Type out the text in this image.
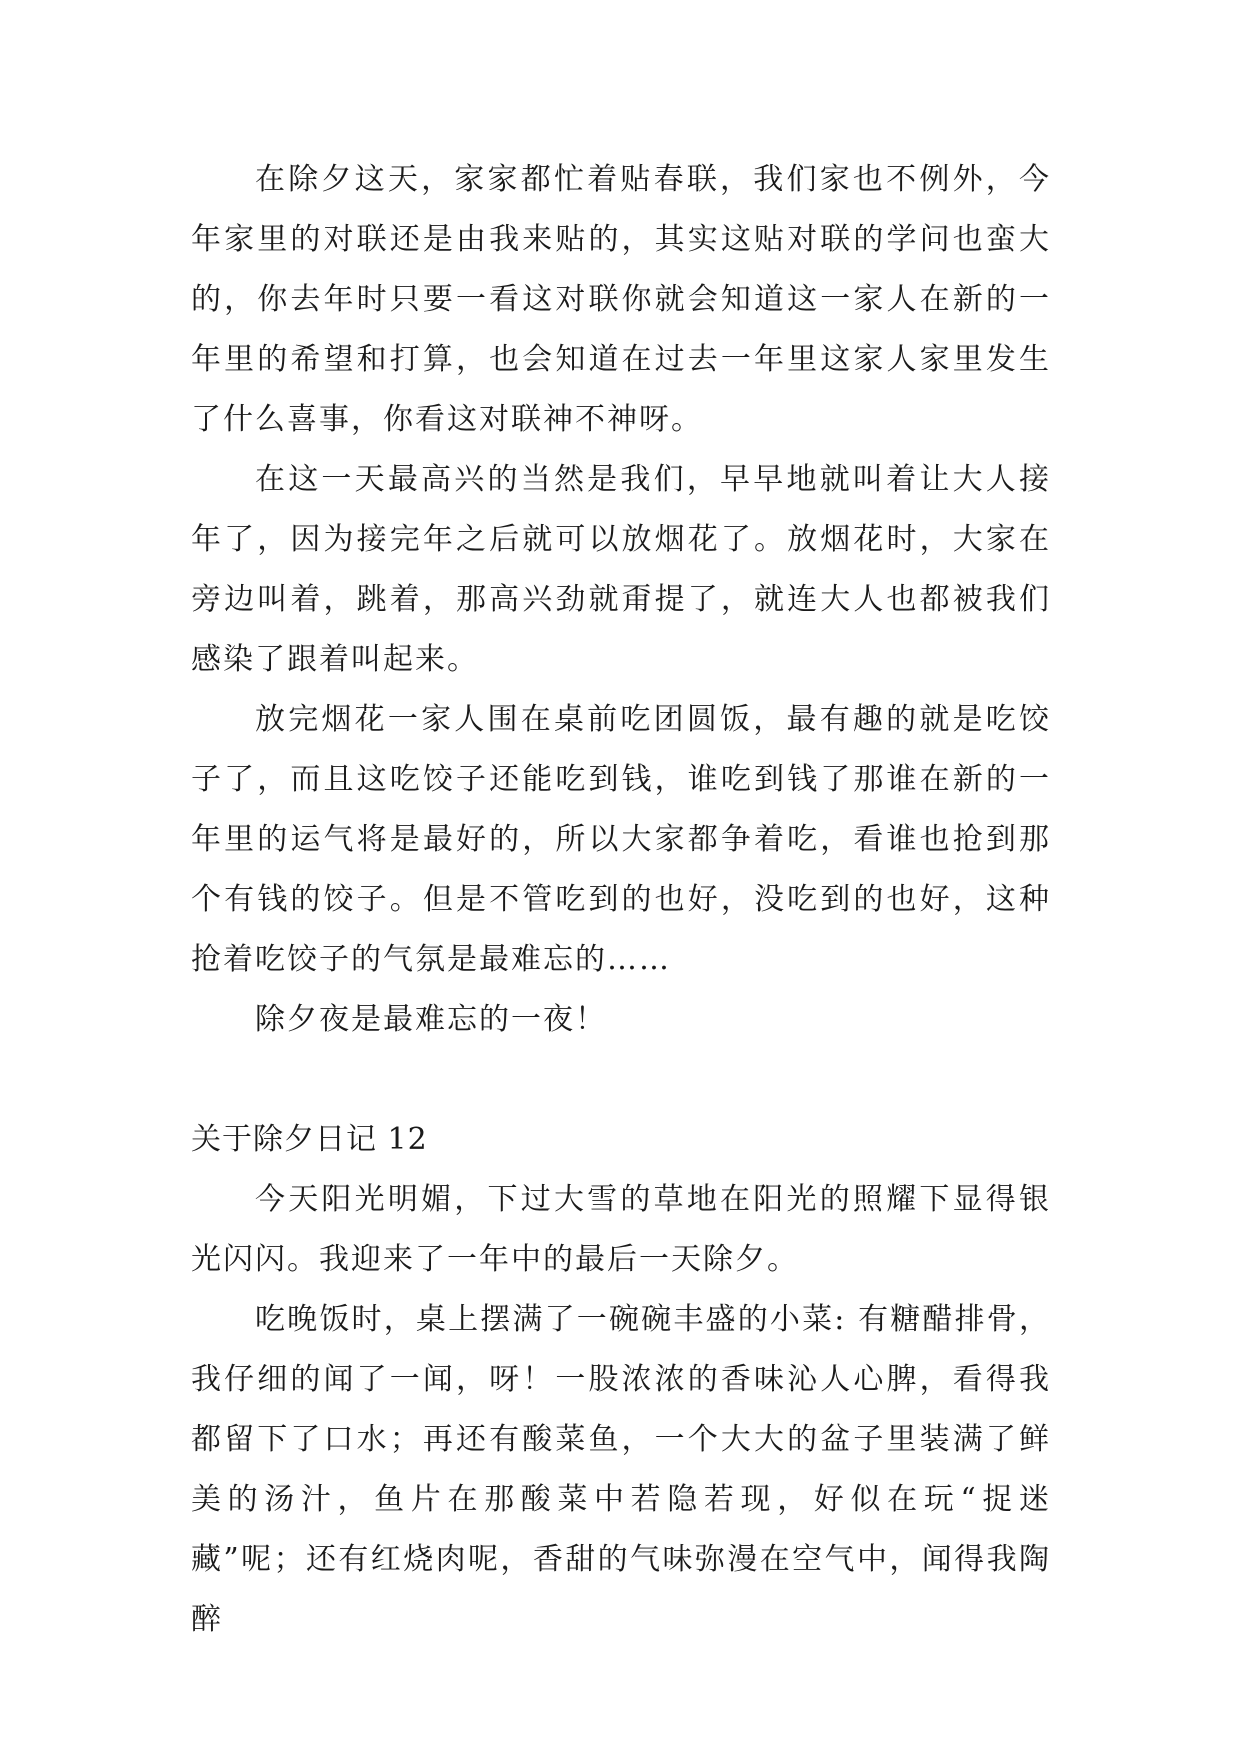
在除夕这天，家家都忙着贴春联，我们家也不例外，今年家里的对联还是由我来贴的，其实这贴对联的学问也蛮大的，你去年时只要一看这对联你就会知道这一家人在新的一年里的希望和打算，也会知道在过去一年里这家人家里发生了什么喜事，你看这对联神不神呀。

在这一天最高兴的当然是我们，早早地就叫着让大人接年了，因为接完年之后就可以放烟花了。放烟花时，大家在旁边叫着，跳着，那高兴劲就甭提了，就连大人也都被我们感染了跟着叫起来。

放完烟花一家人围在桌前吃团圆饭，最有趣的就是吃饺子了，而且这吃饺子还能吃到钱，谁吃到钱了那谁在新的一年里的运气将是最好的，所以大家都争着吃，看谁也抢到那个有钱的饺子。但是不管吃到的也好，没吃到的也好，这种抢着吃饺子的气氛是最难忘的……

除夕夜是最难忘的一夜！

关于除夕日记 12

今天阳光明媚，下过大雪的草地在阳光的照耀下显得银光闪闪。我迎来了一年中的最后一天除夕。

吃晚饭时，桌上摆满了一碗碗丰盛的小菜: 有糖醋排骨，我仔细的闻了一闻，呀！一股浓浓的香味沁人心脾，看得我都留下了口水；再还有酸菜鱼，一个大大的盆子里装满了鲜美的汤汁，鱼片在那酸菜中若隐若现，好似在玩“捉迷藏”呢；还有红烧肉呢，香甜的气味弥漫在空气中，闻得我陶醉
